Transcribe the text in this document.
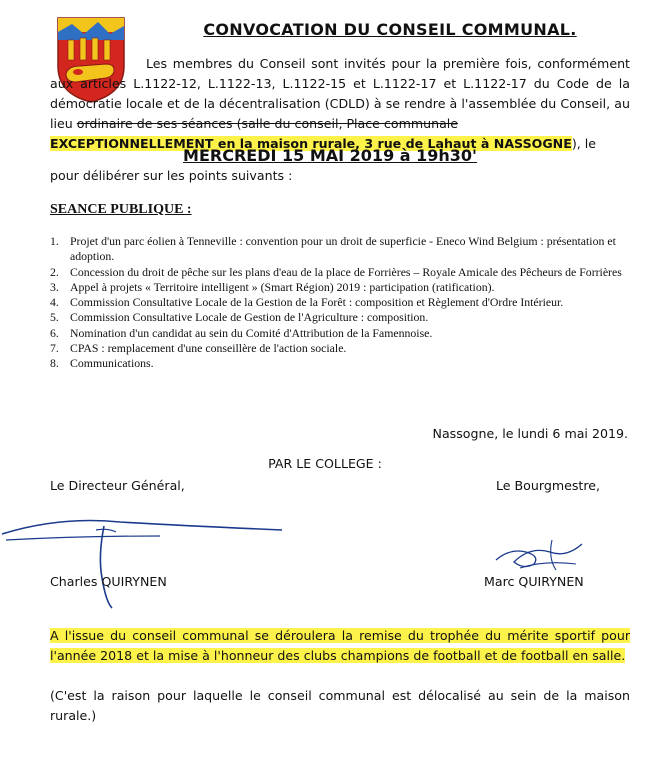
CONVOCATION DU CONSEIL COMMUNAL.
Les membres du Conseil sont invités pour la première fois, conformément aux articles L.1122-12, L.1122-13, L.1122-15 et L.1122-17 et L.1122-17 du Code de la démocratie locale et de la décentralisation (CDLD) à se rendre à l'assemblée du Conseil, au lieu ordinaire de ses séances (salle du conseil, Place communale
EXCEPTIONNELLEMENT en la maison rurale, 3 rue de Lahaut à NASSOGNE), le
MERCREDI 15 MAI 2019 à 19h30'
pour délibérer sur les points suivants :
SEANCE PUBLIQUE :
1. Projet d'un parc éolien à Tenneville : convention pour un droit de superficie - Eneco Wind Belgium : présentation et adoption.
2. Concession du droit de pêche sur les plans d'eau de la place de Forrières – Royale Amicale des Pêcheurs de Forrières
3. Appel à projets « Territoire intelligent » (Smart Région) 2019 : participation (ratification).
4. Commission Consultative Locale de la Gestion de la Forêt : composition et Règlement d'Ordre Intérieur.
5. Commission Consultative Locale de Gestion de l'Agriculture : composition.
6. Nomination d'un candidat au sein du Comité d'Attribution de la Famennoise.
7. CPAS : remplacement d'une conseillère de l'action sociale.
8. Communications.
Nassogne, le lundi 6 mai 2019.
PAR LE COLLEGE :
Le Directeur Général,	Le Bourgmestre,
Charles QUIRYNEN	Marc QUIRYNEN
A l'issue du conseil communal se déroulera la remise du trophée du mérite sportif pour l'année 2018 et la mise à l'honneur des clubs champions de football et de football en salle.
(C'est la raison pour laquelle le conseil communal est délocalisé au sein de la maison rurale.)
